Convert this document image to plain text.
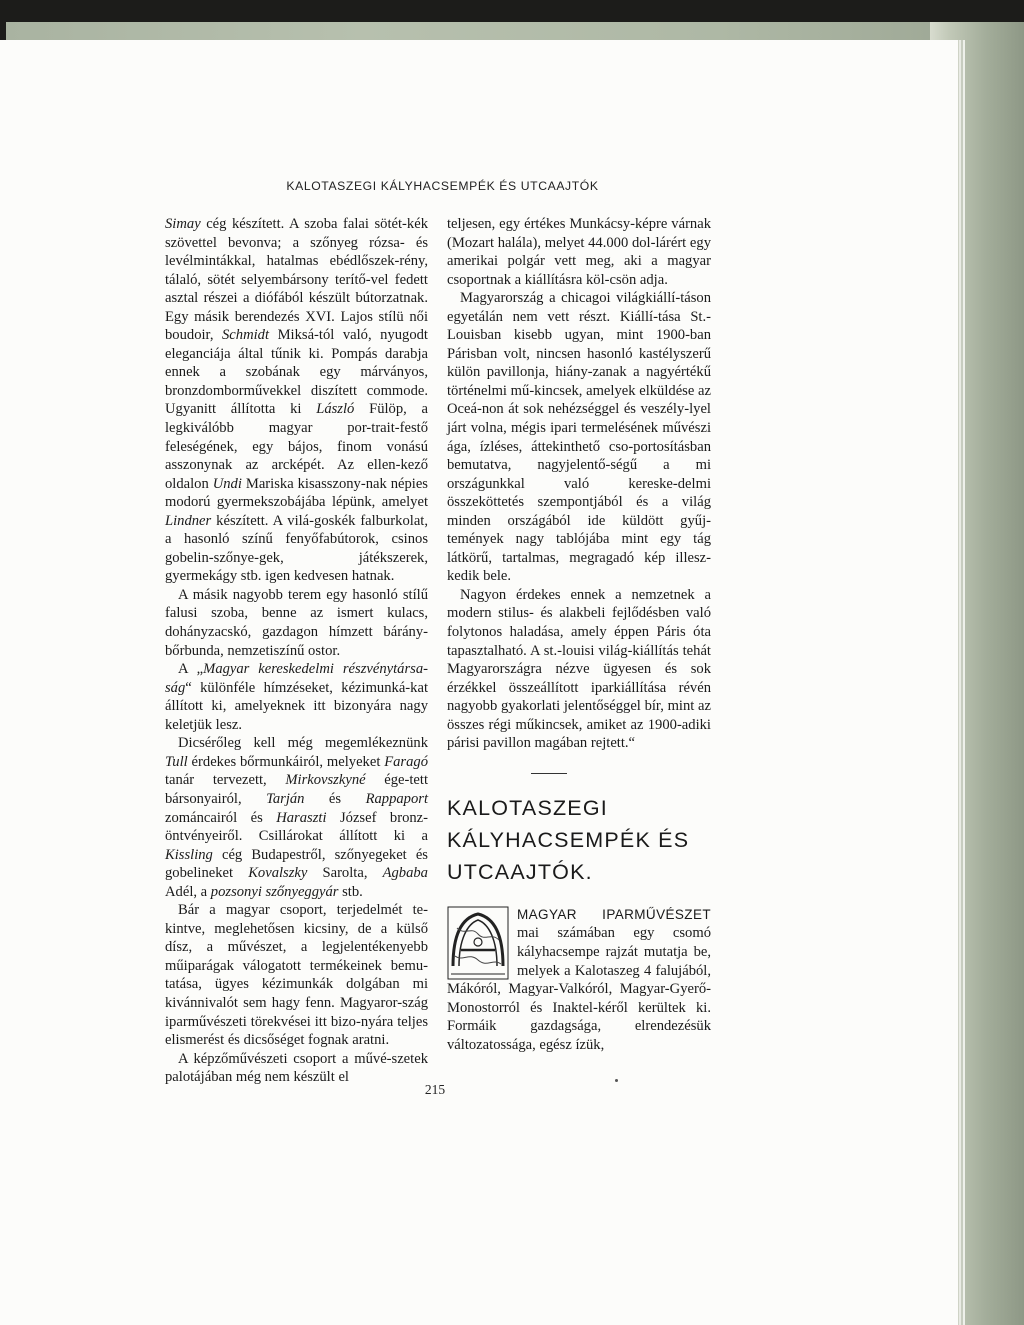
KALOTASZEGI KÁLYHACSEMPÉK ÉS UTCAAJTÓK

Simay cég készített. A szoba falai sötét-kék szövettel bevonva; a szőnyeg rózsa- és levélmintákkal, hatalmas ebédlőszek-rény, tálaló, sötét selyembársony terítő-vel fedett asztal részei a diófából készült bútorzatnak. Egy másik berendezés XVI. Lajos stílü női boudoir, Schmidt Miksá-tól való, nyugodt eleganciája által tűnik ki. Pompás darabja ennek a szobának egy márványos, bronzdomborművekkel diszített commode. Ugyanitt állította ki László Fülöp, a legkiválóbb magyar por-trait-festő feleségének, egy bájos, finom vonású asszonynak az arcképét. Az ellen-kező oldalon Undi Mariska kisasszony-nak népies modorú gyermekszobájába lépünk, amelyet Lindner készített. A vilá-goskék falburkolat, a hasonló színű fenyőfabútorok, csinos gobelin-szőnye-gek, játékszerek, gyermekágy stb. igen kedvesen hatnak.

A másik nagyobb terem egy hasonló stílű falusi szoba, benne az ismert kulacs, dohányzacskó, gazdagon hímzett bárány-bőrbunda, nemzetiszínű ostor.

A „Magyar kereskedelmi részvénytársa-ság“ különféle hímzéseket, kézimunká-kat állított ki, amelyeknek itt bizonyára nagy keletjük lesz.

Dicsérőleg kell még megemlékeznünk Tull érdekes bőrmunkáiról, melyeket Faragó tanár tervezett, Mirkovszkyné ége-tett bársonyairól, Tarján és Rappaport zománcairól és Haraszti József bronz-öntvényeiről. Csillárokat állított ki a Kissling cég Budapestről, szőnyegeket és gobelineket Kovalszky Sarolta, Agbaba Adél, a pozsonyi szőnyeggyár stb.

Bár a magyar csoport, terjedelmét te-kintve, meglehetősen kicsiny, de a külső dísz, a művészet, a legjelentékenyebb műiparágak válogatott termékeinek bemu-tatása, ügyes kézimunkák dolgában mi kivánnivalót sem hagy fenn. Magyaror-szág iparművészeti törekvései itt bizo-nyára teljes elismerést és dicsőséget fognak aratni.

A képzőművészeti csoport a művé-szetek palotájában még nem készült el

teljesen, egy értékes Munkácsy-képre várnak (Mozart halála), melyet 44.000 dol-lárért egy amerikai polgár vett meg, aki a magyar csoportnak a kiállításra köl-csön adja.

Magyarország a chicagoi világkiállí-táson egyetálán nem vett részt. Kiállí-tása St.-Louisban kisebb ugyan, mint 1900-ban Párisban volt, nincsen hasonló kastélyszerű külön pavillonja, hiány-zanak a nagyértékű történelmi mű-kincsek, amelyek elküldése az Oceá-non át sok nehézséggel és veszély-lyel járt volna, mégis ipari termelésének művészi ága, ízléses, áttekinthető cso-portosításban bemutatva, nagyjelentő-ségű a mi országunkkal való kereske-delmi összeköttetés szempontjából és a világ minden országából ide küldött gyűj-temények nagy tablójába mint egy tág látkörű, tartalmas, megragadó kép illesz-kedik bele.

Nagyon érdekes ennek a nemzetnek a modern stilus- és alakbeli fejlődésben való folytonos haladása, amely éppen Páris óta tapasztalható. A st.-louisi világ-kiállítás tehát Magyarországra nézve ügyesen és sok érzékkel összeállított iparkiállítása révén nagyobb gyakorlati jelentőséggel bír, mint az összes régi műkincsek, amiket az 1900-adiki párisi pavillon magában rejtett.“

KALOTASZEGI
KÁLYHACSEMPÉK ÉS
UTCAAJTÓK.

MAGYAR IPARMŰVÉSZET mai számában egy csomó kályhacsempe rajzát mutatja be, melyek a Kalotaszeg 4 falujából, Mákóról, Magyar-Valkóról, Magyar-Gyerő-Monostorról és Inaktel-kéről kerültek ki. Formáik gazdagsága, elrendezésük változatossága, egész ízük,

215
